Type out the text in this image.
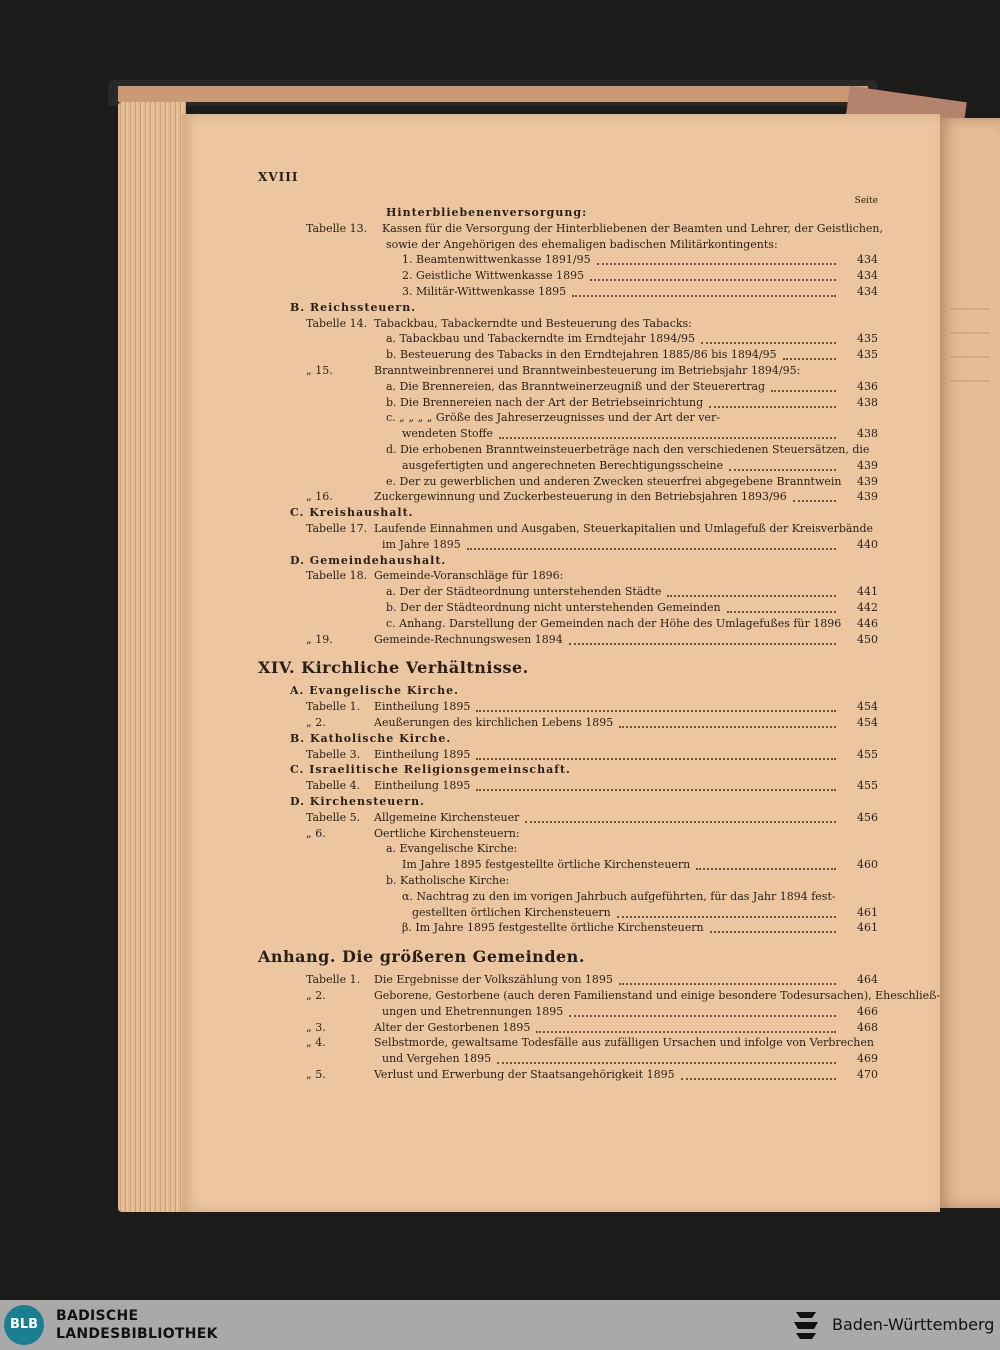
XVIII
Seite
Hinterbliebenenversorgung:
Tabelle 13. Kassen für die Versorgung der Hinterbliebenen der Beamten und Lehrer, der Geistlichen,
sowie der Angehörigen des ehemaligen badischen Militärkontingents:
1. Beamtenwittwenkasse 1891/95	434
2. Geistliche Wittwenkasse 1895	434
3. Militär-Wittwenkasse 1895	434
B. Reichssteuern.
Tabelle 14. Tabackbau, Tabackerndte und Besteuerung des Tabacks:
a. Tabackbau und Tabackerndte im Erndtejahr 1894/95	435
b. Besteuerung des Tabacks in den Erndtejahren 1885/86 bis 1894/95	435
„ 15.	Branntweinbrennerei und Branntweinbesteuerung im Betriebsjahr 1894/95:
a. Die Brennereien, das Branntweinerzeugniß und der Steuerertrag	436
b. Die Brennereien nach der Art der Betriebseinrichtung	438
c. „ „ „ „ Größe des Jahreserzeugnisses und der Art der ver-
wendeten Stoffe	438
d. Die erhobenen Branntweinsteuerbeträge nach den verschiedenen Steuersätzen, die
ausgefertigten und angerechneten Berechtigungsscheine	439
e. Der zu gewerblichen und anderen Zwecken steuerfrei abgegebene Branntwein	439
„ 16.	Zuckergewinnung und Zuckerbesteuerung in den Betriebsjahren 1893/96	439
C. Kreishaushalt.
Tabelle 17. Laufende Einnahmen und Ausgaben, Steuerkapitalien und Umlagefuß der Kreisverbände
im Jahre 1895	440
D. Gemeindehaushalt.
Tabelle 18. Gemeinde-Voranschläge für 1896:
a. Der der Städteordnung unterstehenden Städte	441
b. Der der Städteordnung nicht unterstehenden Gemeinden	442
c. Anhang. Darstellung der Gemeinden nach der Höhe des Umlagefußes für 1896	446
„ 19.	Gemeinde-Rechnungswesen 1894	450
XIV. Kirchliche Verhältnisse.
A. Evangelische Kirche.
Tabelle 1. Eintheilung 1895	454
„ 2.	Aeußerungen des kirchlichen Lebens 1895	454
B. Katholische Kirche.
Tabelle 3. Eintheilung 1895	455
C. Israelitische Religionsgemeinschaft.
Tabelle 4. Eintheilung 1895	455
D. Kirchensteuern.
Tabelle 5. Allgemeine Kirchensteuer	456
„ 6.	Oertliche Kirchensteuern:
a. Evangelische Kirche:
Im Jahre 1895 festgestellte örtliche Kirchensteuern	460
b. Katholische Kirche:
α. Nachtrag zu den im vorigen Jahrbuch aufgeführten, für das Jahr 1894 fest-
gestellten örtlichen Kirchensteuern	461
β. Im Jahre 1895 festgestellte örtliche Kirchensteuern	461
Anhang. Die größeren Gemeinden.
Tabelle 1. Die Ergebnisse der Volkszählung von 1895	464
„ 2.	Geborene, Gestorbene (auch deren Familienstand und einige besondere Todesursachen), Eheschließ-
ungen und Ehetrennungen 1895	466
„ 3.	Alter der Gestorbenen 1895	468
„ 4.	Selbstmorde, gewaltsame Todesfälle aus zufälligen Ursachen und infolge von Verbrechen
und Vergehen 1895	469
„ 5.	Verlust und Erwerbung der Staatsangehörigkeit 1895	470
BLB
BADISCHE
LANDESBIBLIOTHEK	Baden-Württemberg
